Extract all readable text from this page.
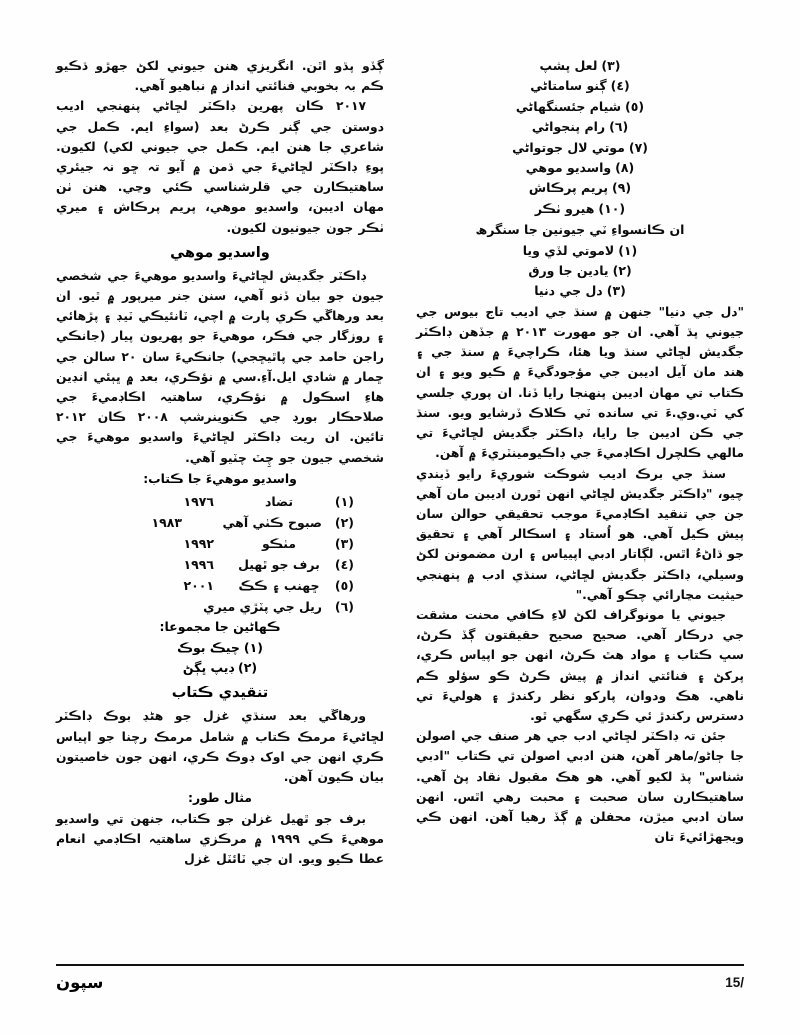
(٣)لعل پشپ
(٤)ڳنو سامتاڻي
(٥)شيام جئسنگهاڻي
(٦)رام پنجواڻي
(٧)موتي لال جوتواڻي
(٨)واسديو موهي
(٩)پريم پرڪاش
(١٠)ھيرو ٺڪر
ان ڪانسواءِ ٽي جيونين جا سنگرھ
(١)لاموتي لڏي ويا
(٢)يادين جا ورق
(٣)دل جي دنيا

"دل جي دنيا" جنھن ۾ سنڌ جي اديب تاج بيوس جي جيوني پڌ آھي. ان جو مھورت ٢٠١٣ ۾ جڏھن ڊاڪٽر جگديش لڇاڻي سنڌ ويا ھئا، ڪراچيءَ ۾ سنڌ جي ۽ ھند مان آيل اديبن جي مؤجودگيءَ ۾ ڪيو ويو ۽ ان ڪتاب تي مھان اديبن پنھنجا رايا ڏنا. ان پوري جلسي کي ٽي.وي.ءَ تي سانده ٽي ڪلاڪ ڏرشايو ويو. سنڌ جي ڪن اديبن جا رايا، ڊاڪٽر جگديش لڇاڻيءَ تي مالھي ڪلچرل اڪاڊميءَ جي ڊاڪيومينٽريءَ ۾ آھن.

سنڌ جي برڪ اديب شوڪت شوريءَ رايو ڏيندي چيو، "ڊاڪٽر جگديش لڇاڻي انھن ٿورن اديبن مان آھي جن جي تنقيد اڪاڊميءَ موجب تحقيقي حوالن سان پيش ڪيل آھي. ھو اُستاد ۽ اسڪالر آھي ۽ تحقيق جو ڌاڻءُ اٿس. لڳاتار ادبي اپيياس ۽ ارن مضمونن لکڻ وسيلي، ڊاڪٽر جگديش لڇاڻي، سنڌي ادب ۾ پنھنجي حيثيت مڃارائي چڪو آھي."

جيوني يا مونوگراف لکڻ لاءِ ڪافي محنت مشقت جي درڪار آھي. صحيح صحيح حقيقتون ڳڏ ڪرڻ، سڀ ڪتاب ۽ مواد ھٿ ڪرڻ، انھن جو اپياس ڪري، پرکڻ ۽ فنائتي انداز ۾ پيش ڪرڻ ڪو سؤلو ڪم ناھي. ھڪ ودوان، پارکو نظر رکندڙ ۽ ھوليءَ تي دسترس رکندڙ ئي ڪري سگهي ٿو.

جئن تہ ڊاڪٽر لڇاڻي ادب جي ھر صنف جي اصولن جا ڄاڻو/ماهر آھن، ھنن ادبي اصولن تي ڪتاب "ادبي شناس" پڌ لکيو آھي. ھو ھڪ مقبول نقاد پڻ آھي. ساهتيڪارن سان صحبت ۽ محبت رهي اٿس. انھن سان ادبي ميڙن، محفلن ۾ ڳڏ رهيا آهن. انھن ڪي ويجهڙائيءَ تان

ڳڏو پڌو اٿن. انگريزي ھنن جيوني لکڻ جهڙو ڌڪيو ڪم بہ بخوبي فنائتي انداز ۾ نباهيو آھي.

٢٠١٧ ڪان پهرين ڊاڪٽر لڇاڻي پنھنجي اديب دوستن جي ڳنر ڪرڻ بعد (سواءِ ايم. ڪمل جي شاعري جا ھنن ايم. ڪمل جي جيوني لکي) لکيون. پوءِ ڊاڪٽر لڇاڻيءَ جي ڌمن ۾ آيو تہ ڇو نہ جيئري ساهتيڪارن جي قلرشناسي ڪئي وڃي. ھنن ٺن مھان اديبن، واسديو موهي، پريم پرڪاش ۽ ميري ٺڪر جون جيونيون لکيون.

واسديو موهي

ڊاڪٽر جگديش لڇاڻيءَ واسديو موهيءَ جي شخصي جيون جو بيان ڏنو آھي، سنن جنر ميرپور ۾ ٿيو. ان بعد ورهاڱي ڪري پارت ۾ اچي، ٽانئيڪي ٽيڊ ۽ پڙهائي ۽ روزگار جي فڪر، موهيءَ جو پهريون پيار (جانڪي راجن حامد جي پاٿيڇجي) جانڪيءَ سان ٢٠ سالن جي ڇمار ۾ شادي ايل.آءِ.سي ۾ نؤڪري، بعد ۾ ڀٻئي انڊين ھاءِ اسڪول ۾ نؤڪري، ساهتيہ اڪاڊميءَ جي صلاحڪار بورڊ جي ڪنوينرشپ ٢٠٠٨ ڪان ٢٠١٢ تائين. ان ريت ڊاڪٽر لڇاڻيءَ واسديو موهيءَ جي شخصي جيون جو چِٽ چٽيو آھي.

واسديو موهيءَ جا ڪتاب:
(١)
تضاد
١٩٧٦
(٢)
صبوح ڪٺي آهي
١٩٨٣
(٣)
مٺڪو
١٩٩٢
(٤)
برف جو ٿهيل
١٩٩٦
(٥)
ڇهنب ۽ ڪڪ
٢٠٠١
(٦)
ريل جي پٽڙي ميري
ڪھاڻين جا مجموعا:
(١)چيڪ بوڪ
(٢)ڊيپ ڀڳڻ
تنقيدي ڪتاب

ورهاڱي بعد سنڌي غزل جو ھڻڊ بوڪ ڊاڪٽر لڇاڻيءَ مرمڪ ڪتاب ۾ شامل مرمڪ رچنا جو اپياس ڪري انھن جي اوک ڊوڪ ڪري، انھن جون خاصيتون بيان ڪيون آهن.

مثال طور:

برف جو ٿهيل غزلن جو ڪتاب، جنھن تي واسديو موهيءَ ڪي ١٩٩٩ ۾ مرڪزي ساهتيہ اڪاڊمي انعام عطا ڪيو ويو. ان جي ٽائٽل غزل

سپون	15/
